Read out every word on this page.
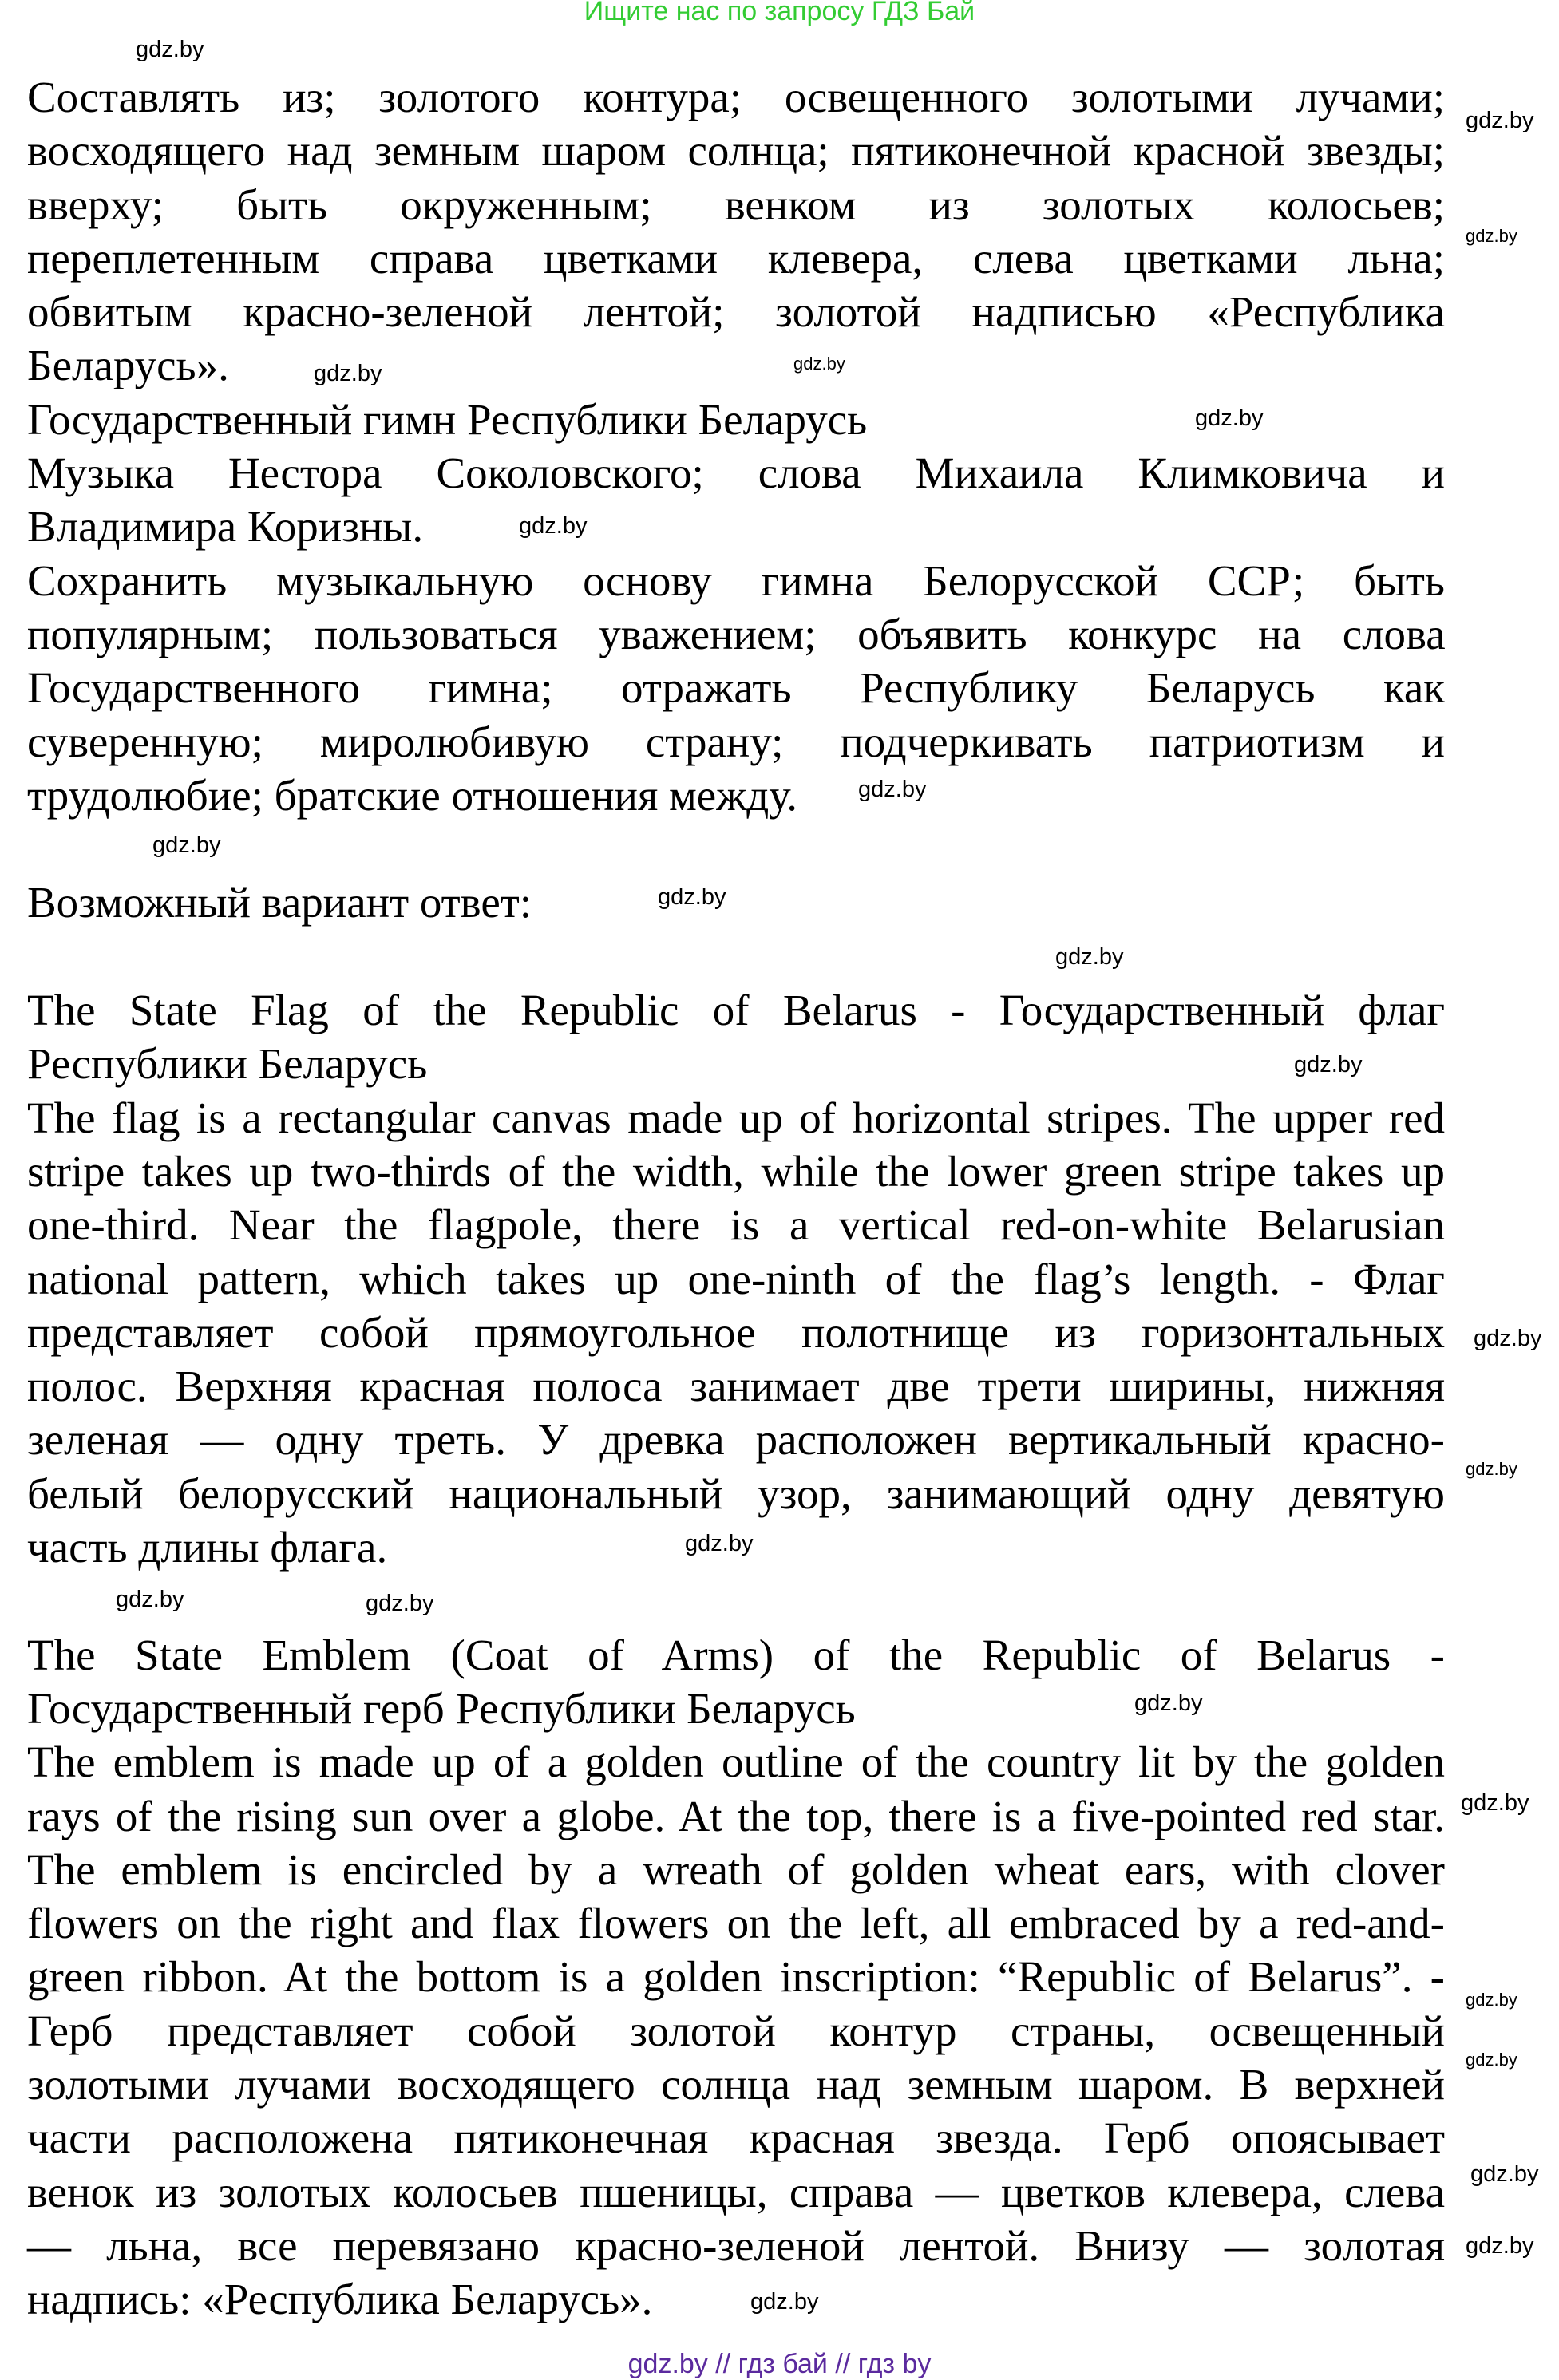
Ищите нас по запросу ГДЗ Бай
Составлять из; золотого контура; освещенного золотыми лучами;
восходящего над земным шаром солнца; пятиконечной красной звезды;
вверху; быть окруженным; венком из золотых колосьев;
переплетенным справа цветками клевера, слева цветками льна;
обвитым красно-зеленой лентой; золотой надписью «Республика
Беларусь».
Государственный гимн Республики Беларусь
Музыка Нестора Соколовского; слова Михаила Климковича и
Владимира Коризны.
Сохранить музыкальную основу гимна Белорусской ССР; быть
популярным; пользоваться уважением; объявить конкурс на слова
Государственного гимна; отражать Республику Беларусь как
суверенную; миролюбивую страну; подчеркивать патриотизм и
трудолюбие; братские отношения между.
Возможный вариант ответ:
The State Flag of the Republic of Belarus - Государственный флаг
Республики Беларусь
The flag is a rectangular canvas made up of horizontal stripes. The upper red
stripe takes up two-thirds of the width, while the lower green stripe takes up
one-third. Near the flagpole, there is a vertical red-on-white Belarusian
national pattern, which takes up one-ninth of the flag’s length. - Флаг
представляет собой прямоугольное полотнище из горизонтальных
полос. Верхняя красная полоса занимает две трети ширины, нижняя
зеленая — одну треть. У древка расположен вертикальный красно-
белый белорусский национальный узор, занимающий одну девятую
часть длины флага.
The State Emblem (Coat of Arms) of the Republic of Belarus -
Государственный герб Республики Беларусь
The emblem is made up of a golden outline of the country lit by the golden
rays of the rising sun over a globe. At the top, there is a five-pointed red star.
The emblem is encircled by a wreath of golden wheat ears, with clover
flowers on the right and flax flowers on the left, all embraced by a red-and-
green ribbon. At the bottom is a golden inscription: “Republic of Belarus”. -
Герб представляет собой золотой контур страны, освещенный
золотыми лучами восходящего солнца над земным шаром. В верхней
части расположена пятиконечная красная звезда. Герб опоясывает
венок из золотых колосьев пшеницы, справа — цветков клевера, слева
— льна, все перевязано красно-зеленой лентой. Внизу — золотая
надпись: «Республика Беларусь».
gdz.by
gdz.by
gdz.by
gdz.by	gdz.by
gdz.by
gdz.by
gdz.by
gdz.by
gdz.by
gdz.by
gdz.by
gdz.by
gdz.by
gdz.by
gdz.by	gdz.by
gdz.by
gdz.by
gdz.by
gdz.by
gdz.by
gdz.by
gdz.by
gdz.by // гдз бай // гдз by
